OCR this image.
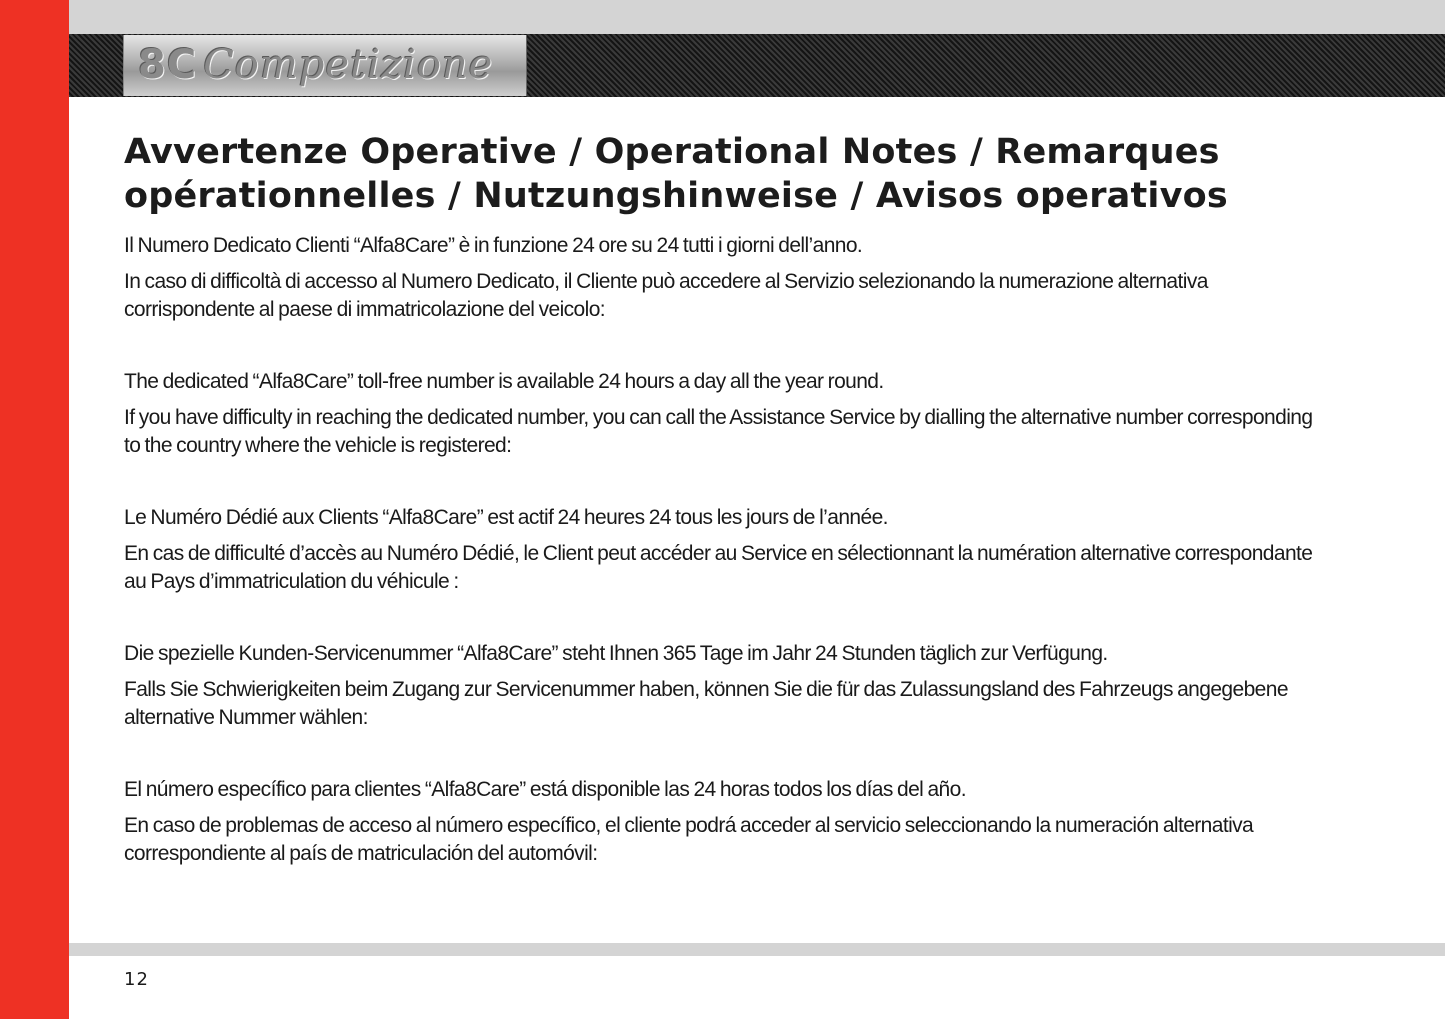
8C Competizione
Avvertenze Operative / Operational Notes / Remarques opérationnelles / Nutzungshinweise / Avisos operativos

Il Numero Dedicato Clienti “Alfa8Care” è in funzione 24 ore su 24 tutti i giorni dell’anno.

In caso di difficoltà di accesso al Numero Dedicato, il Cliente può accedere al Servizio selezionando la numerazione alternativa corrispondente al paese di immatricolazione del veicolo:

The dedicated “Alfa8Care” toll-free number is available 24 hours a day all the year round.

If you have difficulty in reaching the dedicated number, you can call the Assistance Service by dialling the alternative number corresponding to the country where the vehicle is registered:

Le Numéro Dédié aux Clients “Alfa8Care” est actif 24 heures 24 tous les jours de l’année.

En cas de difficulté d’accès au Numéro Dédié, le Client peut accéder au Service en sélectionnant la numération alternative correspondante au Pays d’immatriculation du véhicule :

Die spezielle Kunden-Servicenummer “Alfa8Care” steht Ihnen 365 Tage im Jahr 24 Stunden täglich zur Verfügung.

Falls Sie Schwierigkeiten beim Zugang zur Servicenummer haben, können Sie die für das Zulassungsland des Fahrzeugs angegebene alternative Nummer wählen:

El número específico para clientes “Alfa8Care” está disponible las 24 horas todos los días del año.

En caso de problemas de acceso al número específico, el cliente podrá acceder al servicio seleccionando la numeración alternativa correspondiente al país de matriculación del automóvil:

12
